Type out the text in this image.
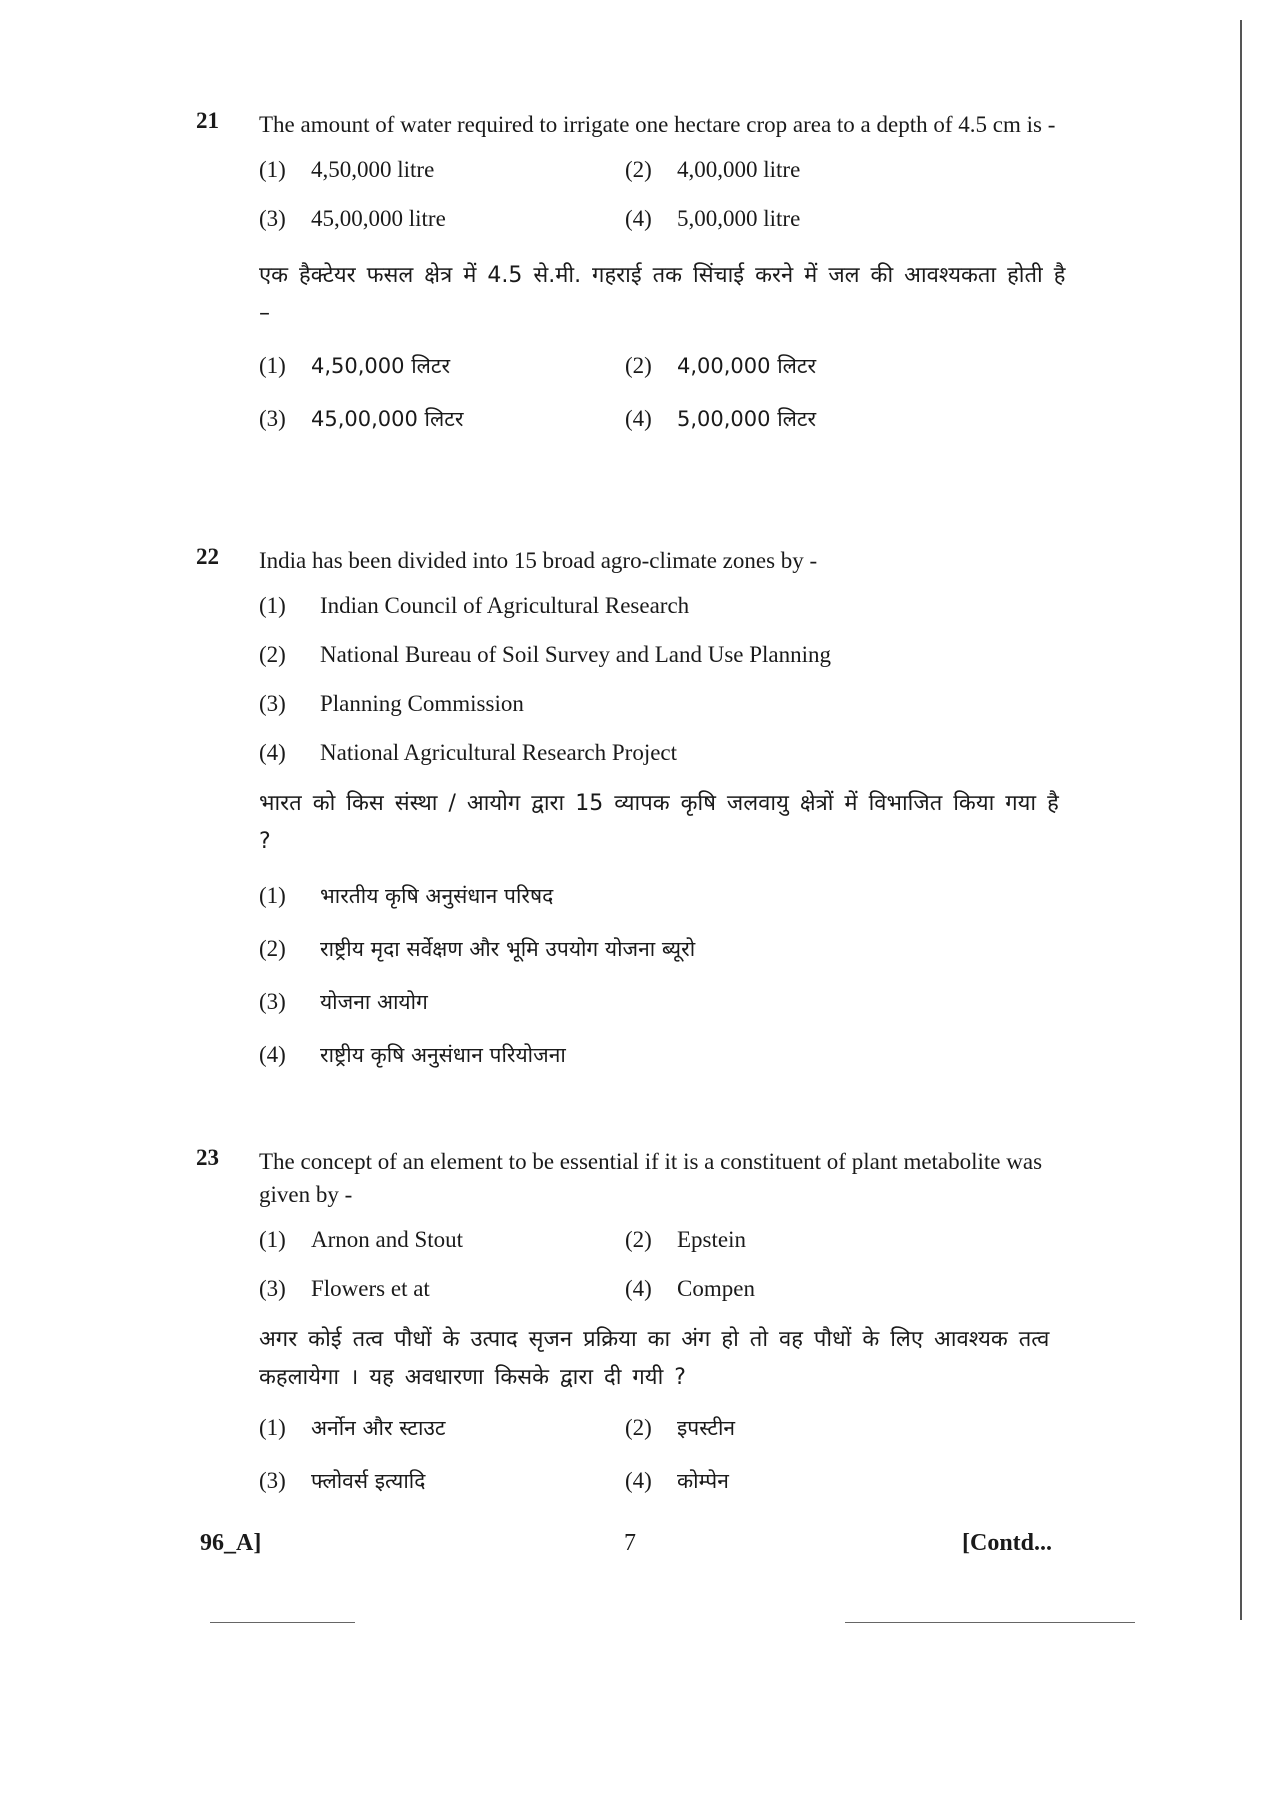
21 The amount of water required to irrigate one hectare crop area to a depth of 4.5 cm is -
(1) 4,50,000 litre	(2) 4,00,000 litre
(3) 45,00,000 litre	(4) 5,00,000 litre
एक हैक्टेयर फसल क्षेत्र में 4.5 से.मी. गहराई तक सिंचाई करने में जल की आवश्यकता होती है –
(1) 4,50,000 लिटर	(2) 4,00,000 लिटर
(3) 45,00,000 लिटर	(4) 5,00,000 लिटर
22 India has been divided into 15 broad agro-climate zones by -
(1) Indian Council of Agricultural Research
(2) National Bureau of Soil Survey and Land Use Planning
(3) Planning Commission
(4) National Agricultural Research Project
भारत को किस संस्था / आयोग द्वारा 15 व्यापक कृषि जलवायु क्षेत्रों में विभाजित किया गया है ?
(1) भारतीय कृषि अनुसंधान परिषद
(2) राष्ट्रीय मृदा सर्वेक्षण और भूमि उपयोग योजना ब्यूरो
(3) योजना आयोग
(4) राष्ट्रीय कृषि अनुसंधान परियोजना
23 The concept of an element to be essential if it is a constituent of plant metabolite was given by -
(1) Arnon and Stout	(2) Epstein
(3) Flowers et at	(4) Compen
अगर कोई तत्व पौधों के उत्पाद सृजन प्रक्रिया का अंग हो तो वह पौधों के लिए आवश्यक तत्व कहलायेगा । यह अवधारणा किसके द्वारा दी गयी ?
(1) अर्नोन और स्टाउट	(2) इपस्टीन
(3) फ्लोवर्स इत्यादि	(4) कोम्पेन
96_A]	7	[Contd...
